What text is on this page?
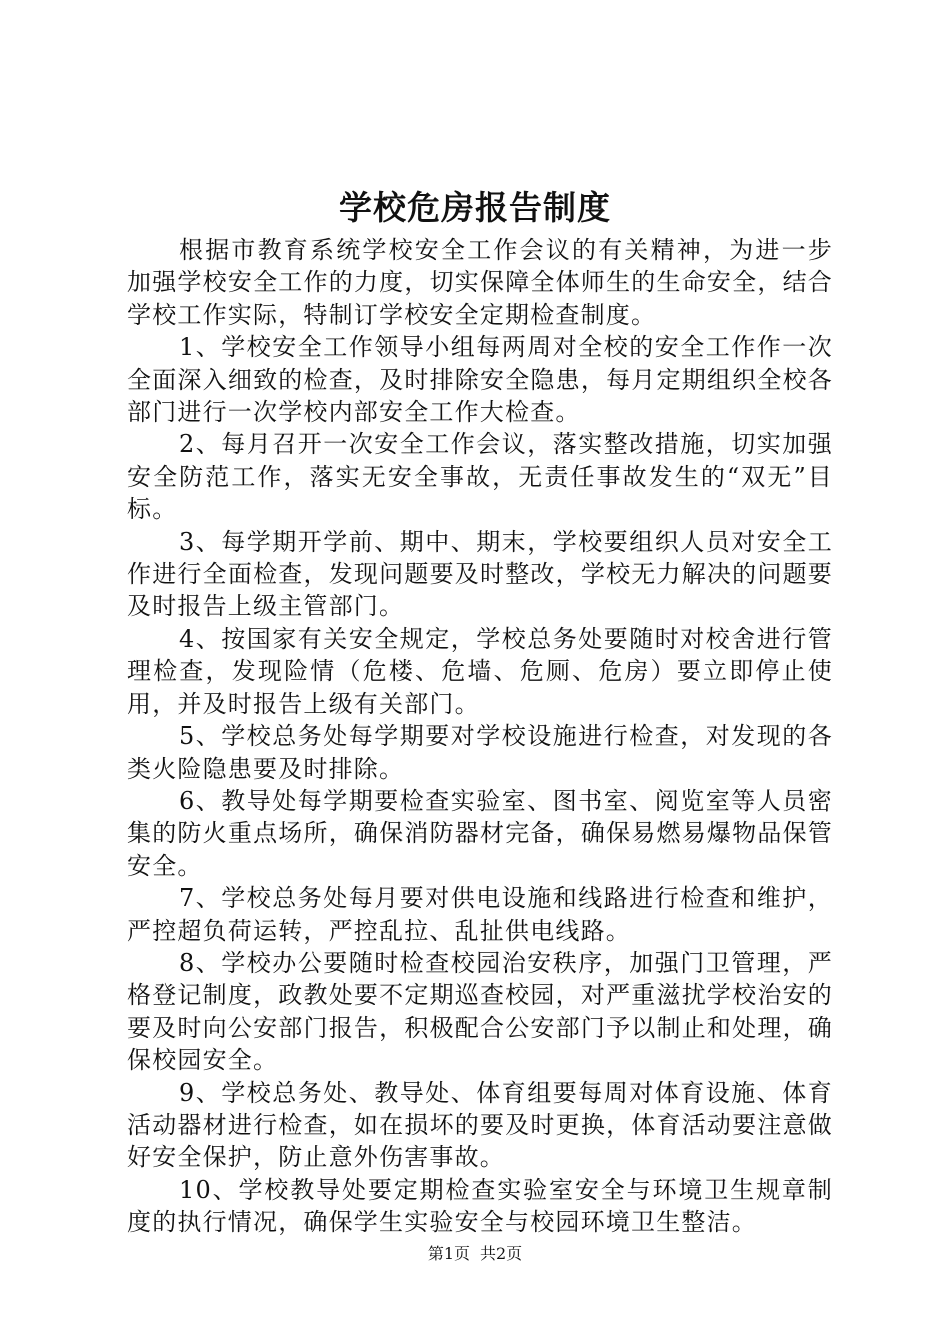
学校危房报告制度

根据市教育系统学校安全工作会议的有关精神，为进一步加强学校安全工作的力度，切实保障全体师生的生命安全，结合学校工作实际，特制订学校安全定期检查制度。

1、学校安全工作领导小组每两周对全校的安全工作作一次全面深入细致的检查，及时排除安全隐患，每月定期组织全校各部门进行一次学校内部安全工作大检查。

2、每月召开一次安全工作会议，落实整改措施，切实加强安全防范工作，落实无安全事故，无责任事故发生的“双无”目标。

3、每学期开学前、期中、期末，学校要组织人员对安全工作进行全面检查，发现问题要及时整改，学校无力解决的问题要及时报告上级主管部门。

4、按国家有关安全规定，学校总务处要随时对校舍进行管理检查，发现险情（危楼、危墙、危厕、危房）要立即停止使用，并及时报告上级有关部门。

5、学校总务处每学期要对学校设施进行检查，对发现的各类火险隐患要及时排除。

6、教导处每学期要检查实验室、图书室、阅览室等人员密集的防火重点场所，确保消防器材完备，确保易燃易爆物品保管安全。

7、学校总务处每月要对供电设施和线路进行检查和维护，严控超负荷运转，严控乱拉、乱扯供电线路。

8、学校办公要随时检查校园治安秩序，加强门卫管理，严格登记制度，政教处要不定期巡查校园，对严重滋扰学校治安的要及时向公安部门报告，积极配合公安部门予以制止和处理，确保校园安全。

9、学校总务处、教导处、体育组要每周对体育设施、体育活动器材进行检查，如在损坏的要及时更换，体育活动要注意做好安全保护，防止意外伤害事故。

10、学校教导处要定期检查实验室安全与环境卫生规章制度的执行情况，确保学生实验安全与校园环境卫生整洁。

第1页 共2页
